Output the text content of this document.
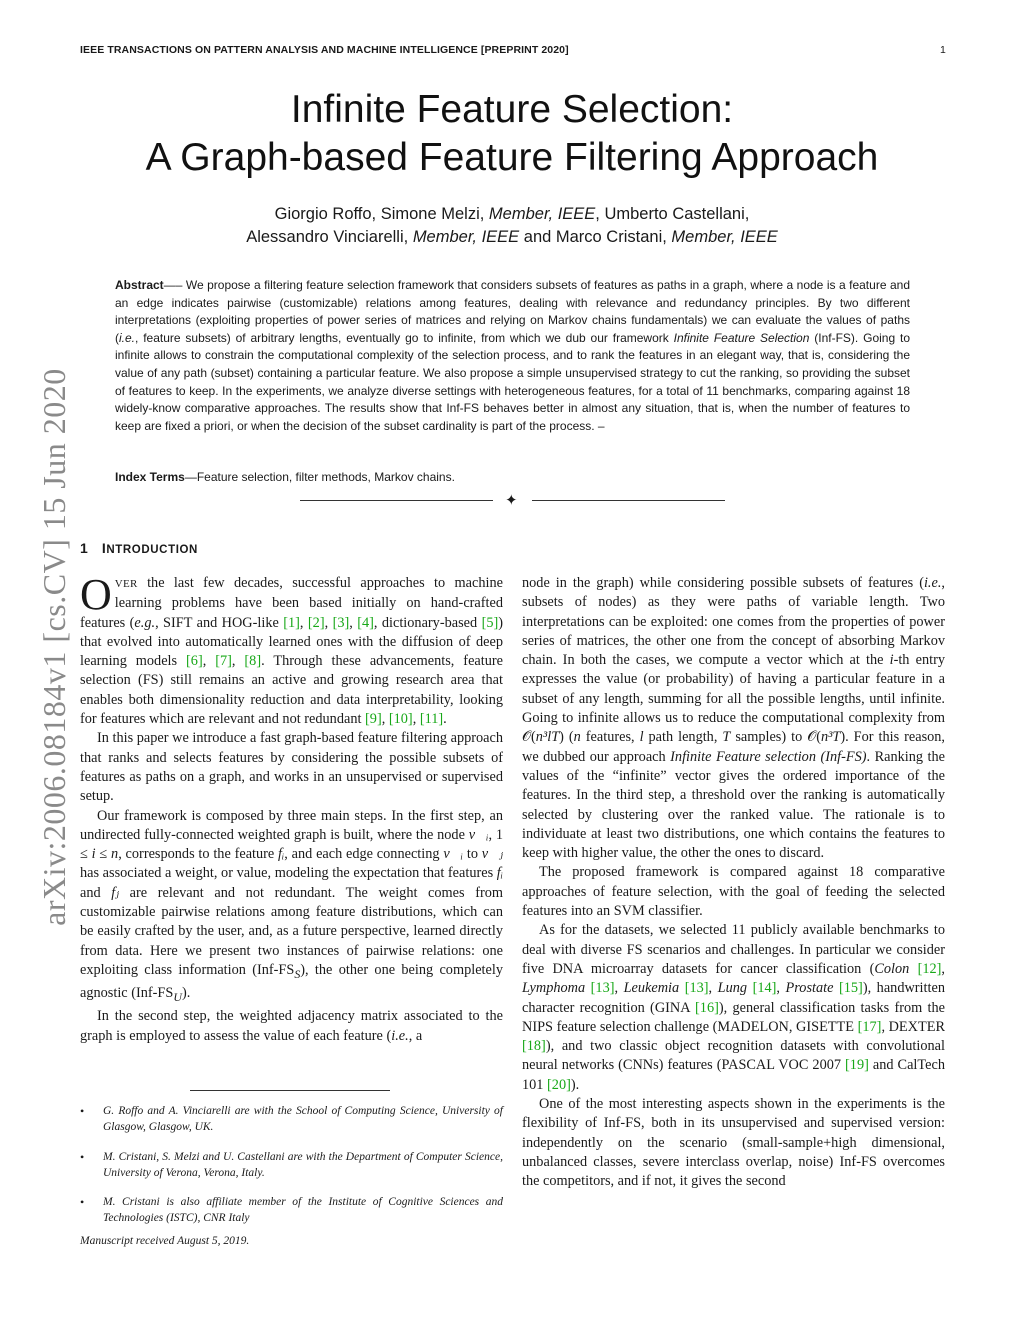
IEEE TRANSACTIONS ON PATTERN ANALYSIS AND MACHINE INTELLIGENCE [PREPRINT 2020]	1
arXiv:2006.08184v1 [cs.CV] 15 Jun 2020
Infinite Feature Selection:
A Graph-based Feature Filtering Approach
Giorgio Roffo, Simone Melzi, Member, IEEE, Umberto Castellani,
Alessandro Vinciarelli, Member, IEEE and Marco Cristani, Member, IEEE
Abstract—– We propose a filtering feature selection framework that considers subsets of features as paths in a graph, where a node is a feature and an edge indicates pairwise (customizable) relations among features, dealing with relevance and redundancy principles. By two different interpretations (exploiting properties of power series of matrices and relying on Markov chains fundamentals) we can evaluate the values of paths (i.e., feature subsets) of arbitrary lengths, eventually go to infinite, from which we dub our framework Infinite Feature Selection (Inf-FS). Going to infinite allows to constrain the computational complexity of the selection process, and to rank the features in an elegant way, that is, considering the value of any path (subset) containing a particular feature. We also propose a simple unsupervised strategy to cut the ranking, so providing the subset of features to keep. In the experiments, we analyze diverse settings with heterogeneous features, for a total of 11 benchmarks, comparing against 18 widely-know comparative approaches. The results show that Inf-FS behaves better in almost any situation, that is, when the number of features to keep are fixed a priori, or when the decision of the subset cardinality is part of the process. –
Index Terms—Feature selection, filter methods, Markov chains.
✦
1 INTRODUCTION

OVER the last few decades, successful approaches to machine learning problems have been based initially on hand-crafted features (e.g., SIFT and HOG-like [1], [2], [3], [4], dictionary-based [5]) that evolved into automatically learned ones with the diffusion of deep learning models [6], [7], [8]. Through these advancements, feature selection (FS) still remains an active and growing research area that enables both dimensionality reduction and data interpretability, looking for features which are relevant and not redundant [9], [10], [11].

In this paper we introduce a fast graph-based feature filtering approach that ranks and selects features by considering the possible subsets of features as paths on a graph, and works in an unsupervised or supervised setup.

Our framework is composed by three main steps. In the first step, an undirected fully-connected weighted graph is built, where the node v⃗ᵢ, 1 ≤ i ≤ n, corresponds to the feature fᵢ, and each edge connecting v⃗ᵢ to v⃗ⱼ has associated a weight, or value, modeling the expectation that features fᵢ and fⱼ are relevant and not redundant. The weight comes from customizable pairwise relations among feature distributions, which can be easily crafted by the user, and, as a future perspective, learned directly from data. Here we present two instances of pairwise relations: one exploiting class information $(Inf-FS_S)$, the other one being completely agnostic $(Inf-FS_U)$.

In the second step, the weighted adjacency matrix associated to the graph is employed to assess the value of each feature (i.e., a

node in the graph) while considering possible subsets of features (i.e., subsets of nodes) as they were paths of variable length. Two interpretations can be exploited: one comes from the properties of power series of matrices, the other one from the concept of absorbing Markov chain. In both the cases, we compute a vector which at the i-th entry expresses the value (or probability) of having a particular feature in a subset of any length, summing for all the possible lengths, until infinite. Going to infinite allows us to reduce the computational complexity from 𝒪(n³lT) (n features, l path length, T samples) to 𝒪(n³T). For this reason, we dubbed our approach Infinite Feature selection (Inf-FS). Ranking the values of the “infinite” vector gives the ordered importance of the features. In the third step, a threshold over the ranking is automatically selected by clustering over the ranked value. The rationale is to individuate at least two distributions, one which contains the features to keep with higher value, the other the ones to discard.

The proposed framework is compared against 18 comparative approaches of feature selection, with the goal of feeding the selected features into an SVM classifier.

As for the datasets, we selected 11 publicly available benchmarks to deal with diverse FS scenarios and challenges. In particular we consider five DNA microarray datasets for cancer classification (Colon [12], Lymphoma [13], Leukemia [13], Lung [14], Prostate [15]), handwritten character recognition (GINA [16]), general classification tasks from the NIPS feature selection challenge (MADELON, GISETTE [17], DEXTER [18]), and two classic object recognition datasets with convolutional neural networks (CNNs) features (PASCAL VOC 2007 [19] and CalTech 101 [20]).

One of the most interesting aspects shown in the experiments is the flexibility of Inf-FS, both in its unsupervised and supervised version: independently on the scenario (small-sample+high dimensional, unbalanced classes, severe interclass overlap, noise) Inf-FS overcomes the competitors, and if not, it gives the second

• G. Roffo and A. Vinciarelli are with the School of Computing Science, University of Glasgow, Glasgow, UK.
• M. Cristani, S. Melzi and U. Castellani are with the Department of Computer Science, University of Verona, Verona, Italy.
• M. Cristani is also affiliate member of the Institute of Cognitive Sciences and Technologies (ISTC), CNR Italy
Manuscript received August 5, 2019.
